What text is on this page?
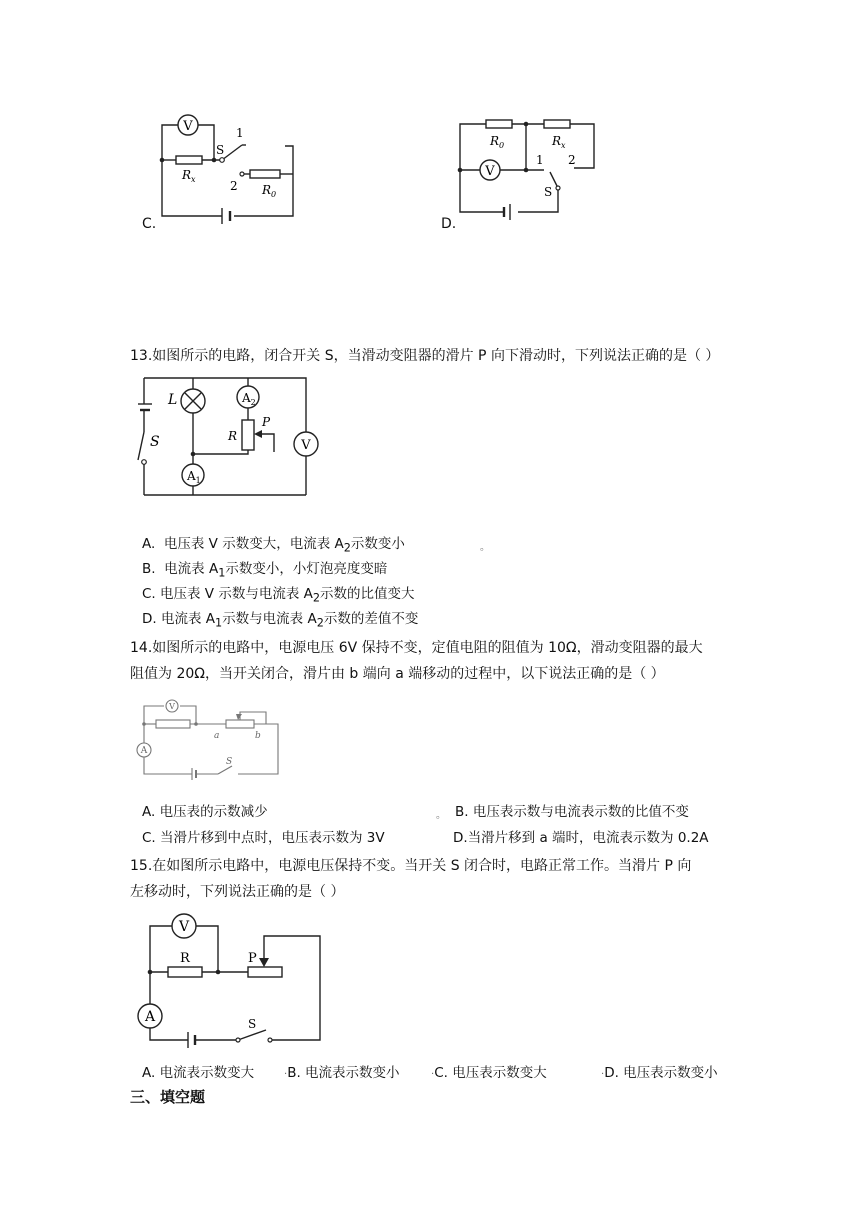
V
S
1
2
$R_x$
$R_0$
C.
V
$R_0$	$R_x$
1 2
S
D.
13.如图所示的电路，闭合开关 S，当滑动变阻器的滑片 P 向下滑动时，下列说法正确的是（ ）
L	$A_2$
R
P
S
$A_1$
V
A. 电压表 V 示数变大，电流表 $A_2$示数变小	。
B. 电流表 $A_1$示数变小，小灯泡亮度变暗
C. 电压表 V 示数与电流表 $A_2$示数的比值变大
D. 电流表 $A_1$示数与电流表 $A_2$示数的差值不变
14.如图所示的电路中，电源电压 6V 保持不变，定值电阻的阻值为 10Ω，滑动变阻器的最大
阻值为 20Ω，当开关闭合，滑片由 b 端向 a 端移动的过程中，以下说法正确的是（ ）
V
A
a	b
S
A. 电压表的示数减少	。 B. 电压表示数与电流表示数的比值不变
C. 当滑片移到中点时，电压表示数为 3V	D.当滑片移到 a 端时，电流表示数为 0.2A
15.在如图所示电路中，电源电压保持不变。当开关 S 闭合时，电路正常工作。当滑片 P 向
左移动时，下列说法正确的是（ ）
V
R	P
A	S
A. 电流表示数变大	·B. 电流表示数变小	·C. 电压表示数变大	·D. 电压表示数变小
三、填空题
